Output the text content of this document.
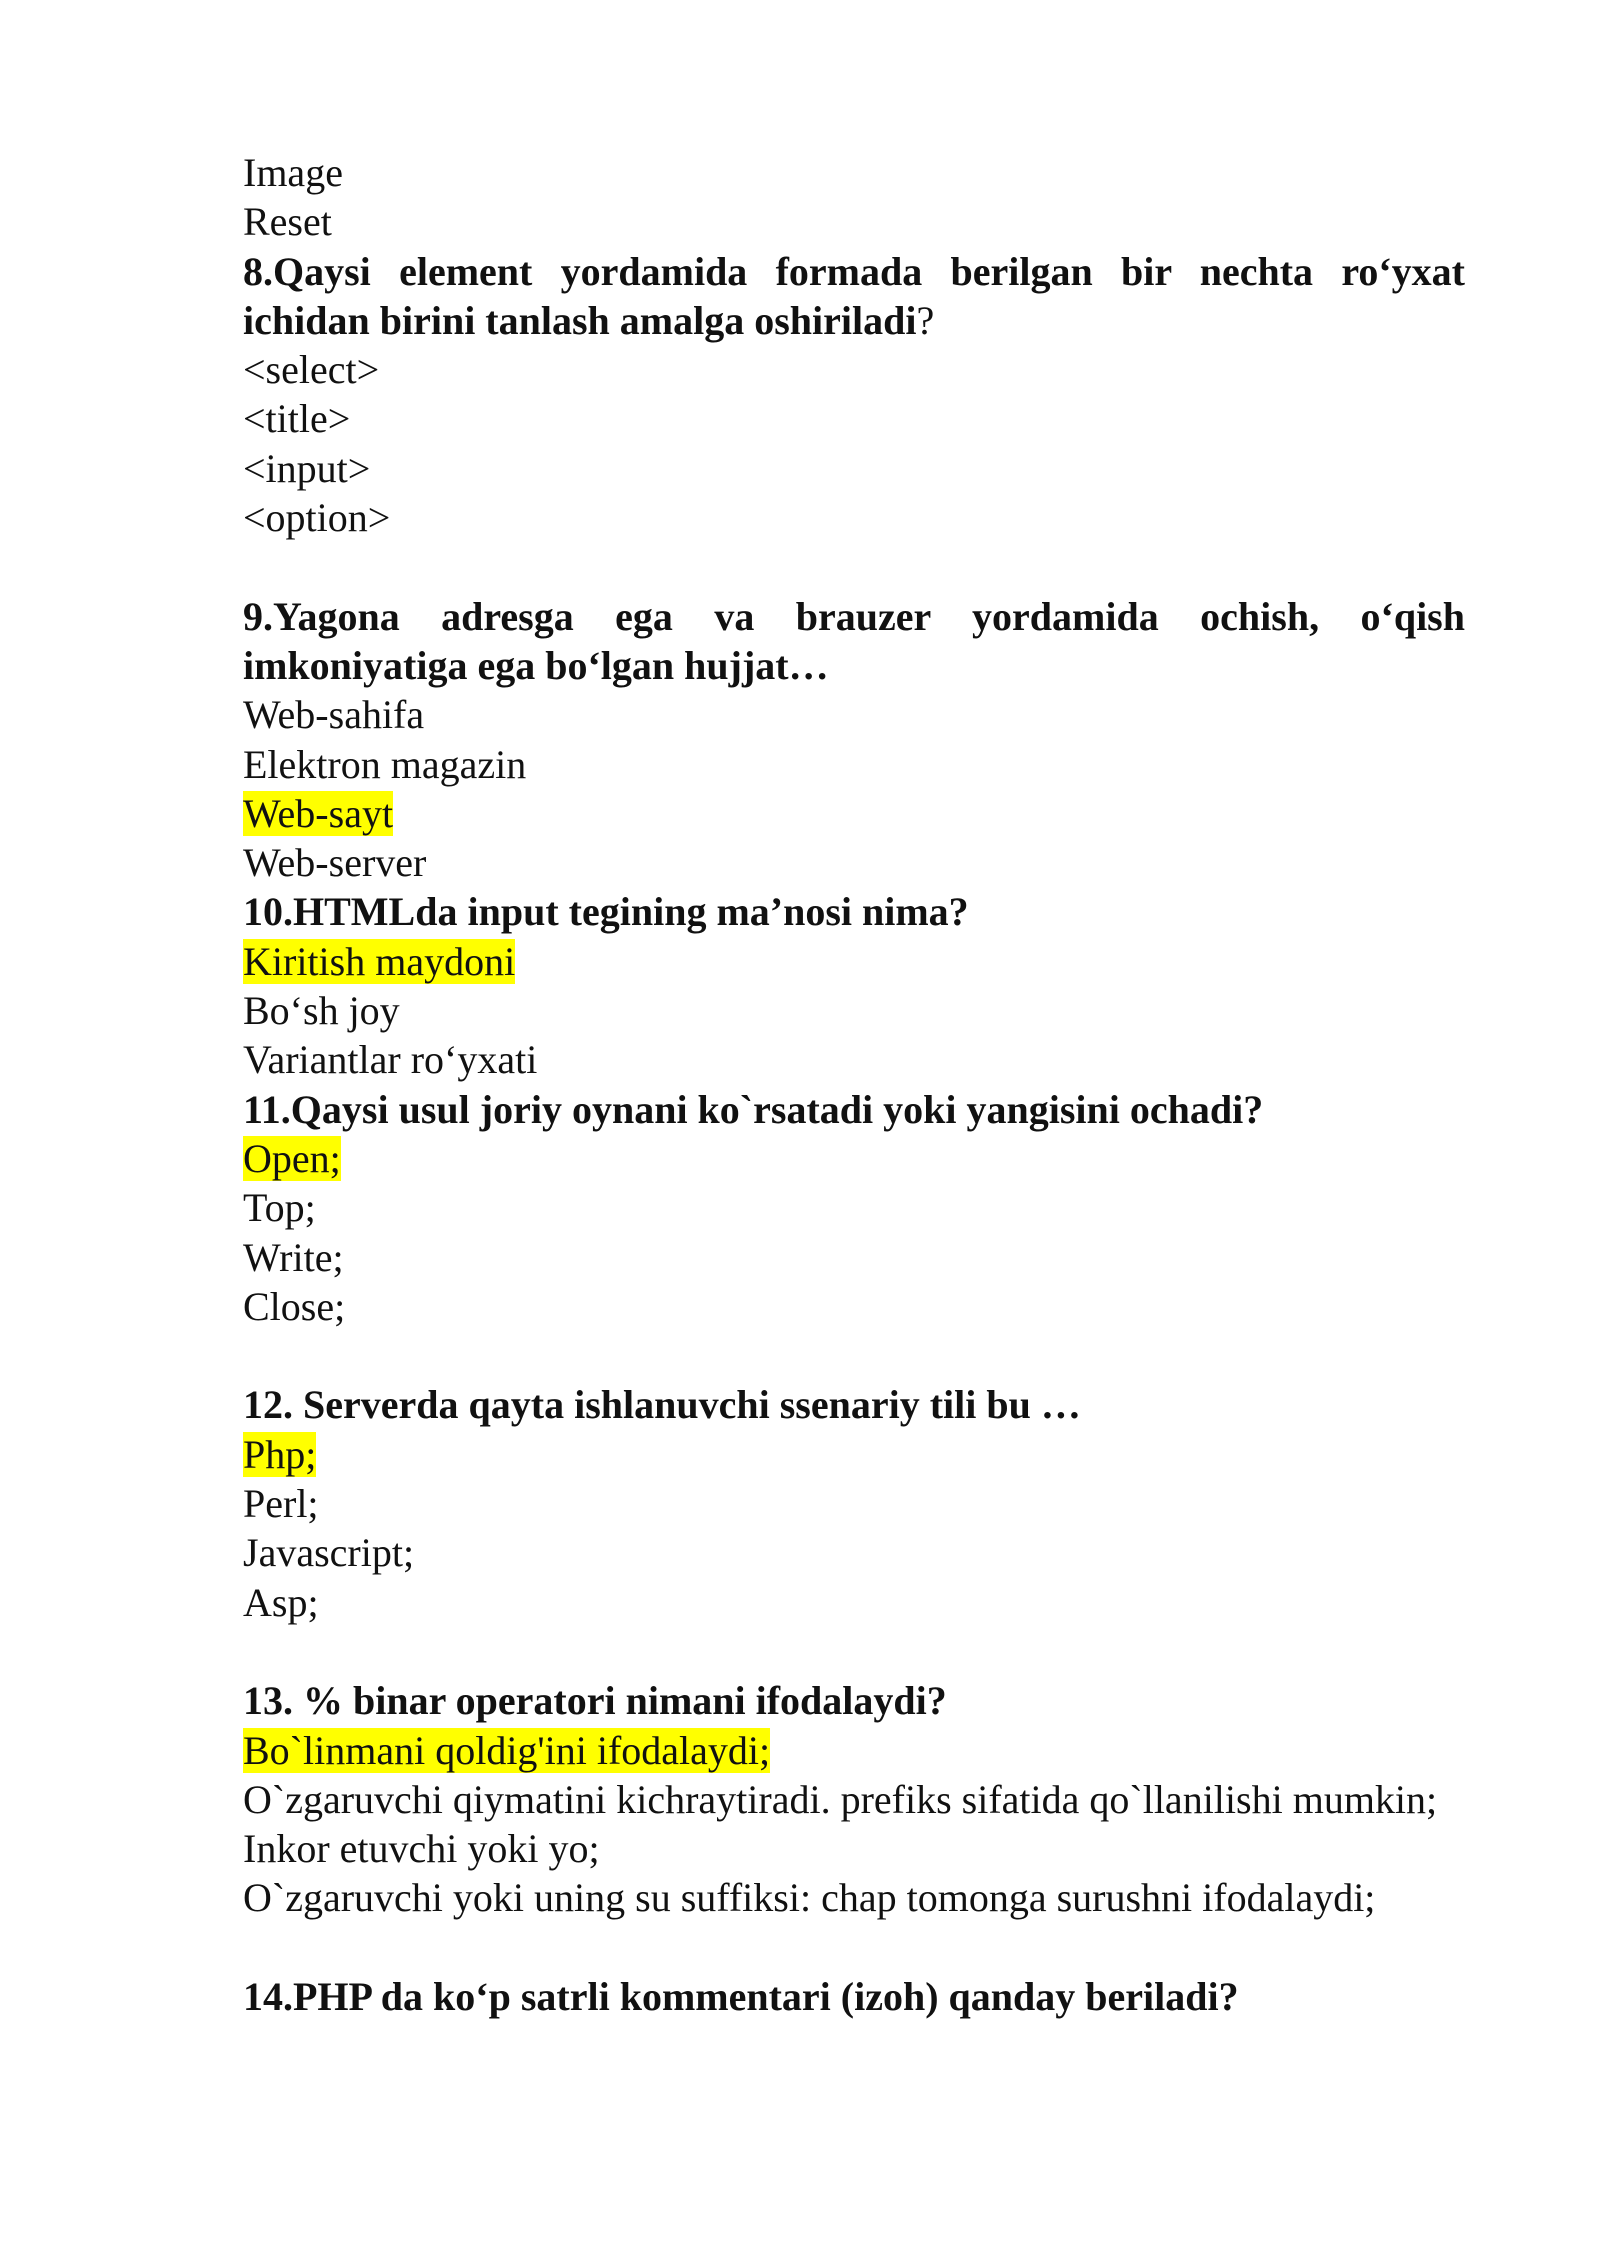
Image
Reset
8.Qaysi element yordamida formada berilgan bir nechta ro‘yxat ichidan birini tanlash amalga oshiriladi?
<select>
<title>
<input>
<option>
9.Yagona adresga ega va brauzer yordamida ochish, o‘qish imkoniyatiga ega bo‘lgan hujjat…
Web-sahifa
Elektron magazin
Web-sayt
Web-server
10.HTMLda input tegining ma’nosi nima?
Kiritish maydoni
Bo‘sh joy
Variantlar ro‘yxati
11.Qaysi usul joriy oynani ko`rsatadi yoki yangisini ochadi?
Open;
Top;
Write;
Close;
12. Serverda qayta ishlanuvchi ssenariy tili bu …
Php;
Perl;
Javascript;
Asp;
13. % binar operatori nimani ifodalaydi?
Bo`linmani qoldig'ini ifodalaydi;
O`zgaruvchi qiymatini kichraytiradi. prefiks sifatida qo`llanilishi mumkin;
Inkor etuvchi yoki yo;
O`zgaruvchi yoki uning su suffiksi: chap tomonga surushni ifodalaydi;
14.PHP da ko‘p satrli kommentari (izoh) qanday beriladi?
